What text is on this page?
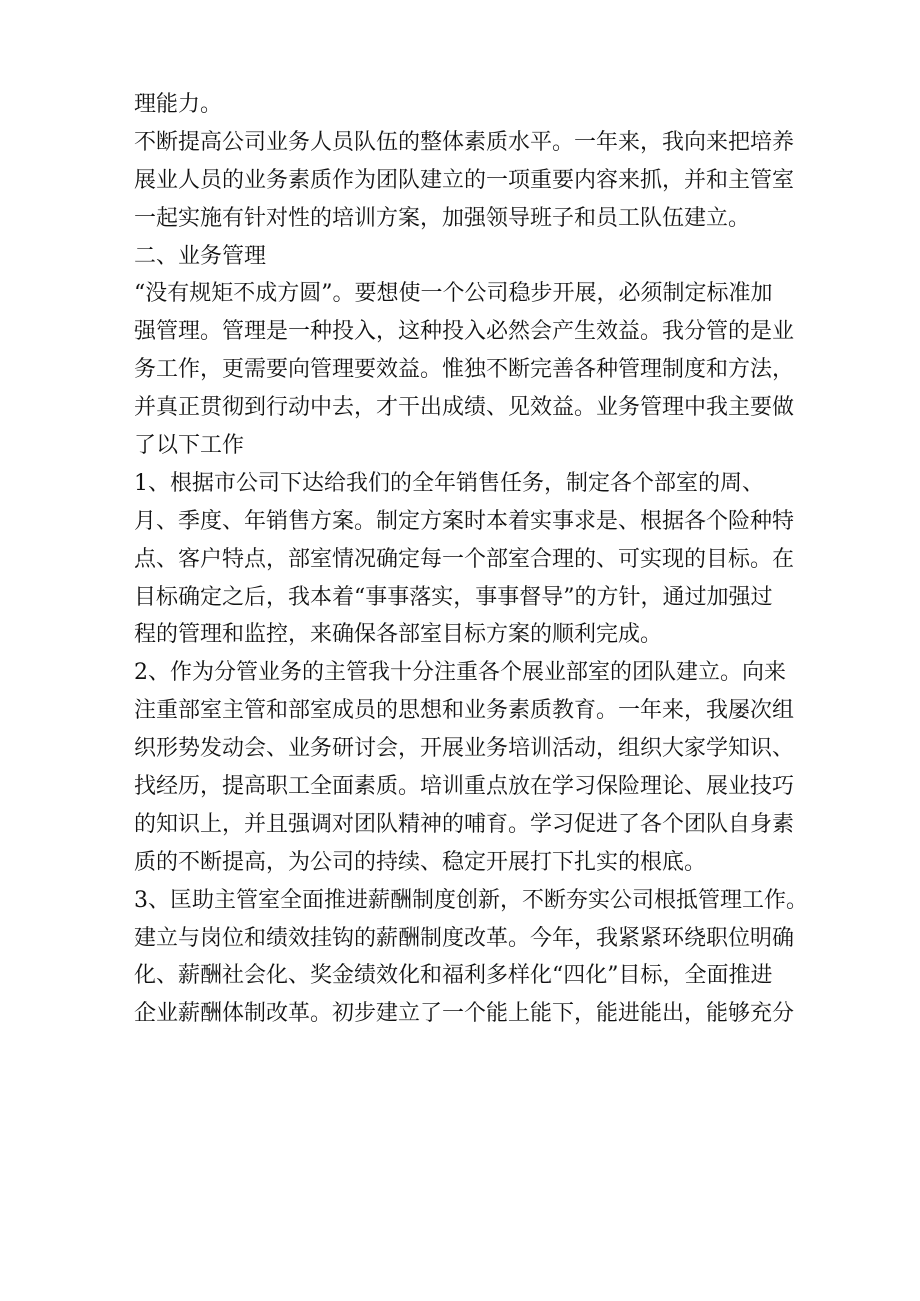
理能力。
不断提高公司业务人员队伍的整体素质水平。一年来，我向来把培养
展业人员的业务素质作为团队建立的一项重要内容来抓，并和主管室
一起实施有针对性的培训方案，加强领导班子和员工队伍建立。
二、业务管理
“没有规矩不成方圆”。要想使一个公司稳步开展，必须制定标准加
强管理。管理是一种投入，这种投入必然会产生效益。我分管的是业
务工作，更需要向管理要效益。惟独不断完善各种管理制度和方法，
并真正贯彻到行动中去，才干出成绩、见效益。业务管理中我主要做
了以下工作
1、根据市公司下达给我们的全年销售任务，制定各个部室的周、
月、季度、年销售方案。制定方案时本着实事求是、根据各个险种特
点、客户特点，部室情况确定每一个部室合理的、可实现的目标。在
目标确定之后，我本着“事事落实，事事督导”的方针，通过加强过
程的管理和监控，来确保各部室目标方案的顺利完成。
2、作为分管业务的主管我十分注重各个展业部室的团队建立。向来
注重部室主管和部室成员的思想和业务素质教育。一年来，我屡次组
织形势发动会、业务研讨会，开展业务培训活动，组织大家学知识、
找经历，提高职工全面素质。培训重点放在学习保险理论、展业技巧
的知识上，并且强调对团队精神的哺育。学习促进了各个团队自身素
质的不断提高，为公司的持续、稳定开展打下扎实的根底。
3、匡助主管室全面推进薪酬制度创新，不断夯实公司根抵管理工作。
建立与岗位和绩效挂钩的薪酬制度改革。今年，我紧紧环绕职位明确
化、薪酬社会化、奖金绩效化和福利多样化“四化”目标，全面推进
企业薪酬体制改革。初步建立了一个能上能下，能进能出，能够充分
